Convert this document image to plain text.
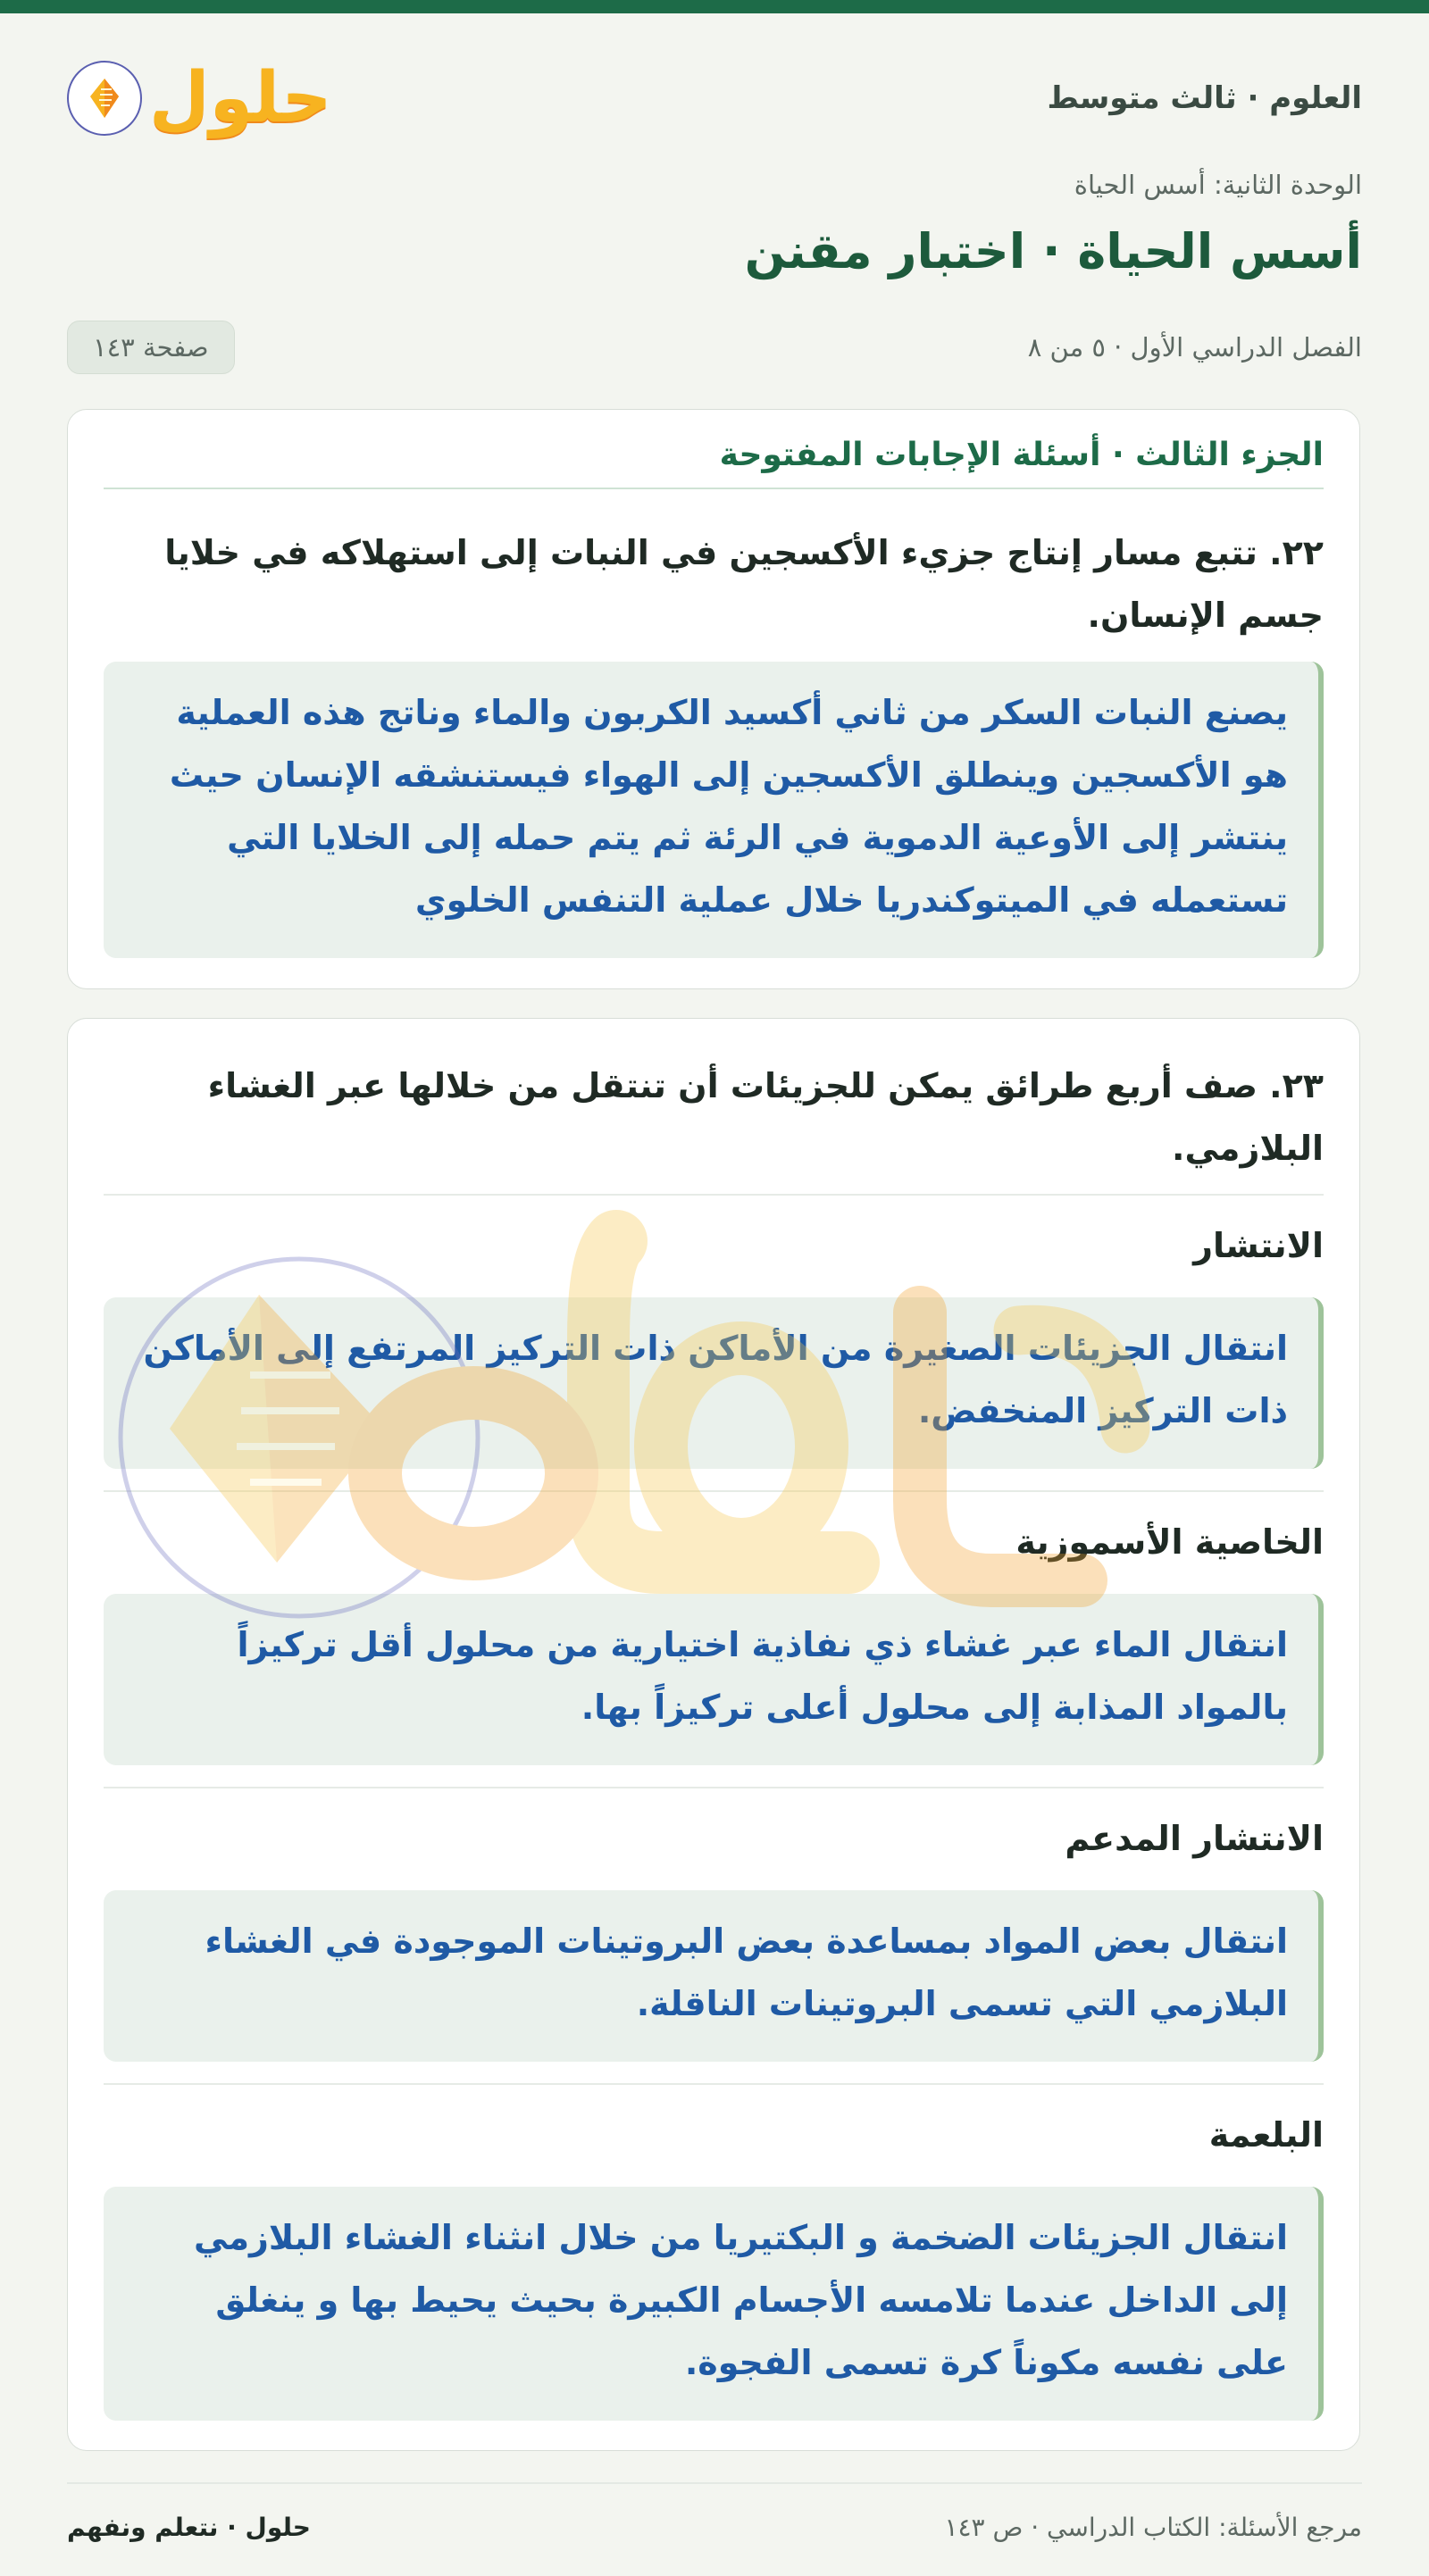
العلوم · ثالث متوسط
حلول
الوحدة الثانية: أسس الحياة
أسس الحياة · اختبار مقنن
الفصل الدراسي الأول · ٥ من ٨
صفحة ١٤٣
الجزء الثالث · أسئلة الإجابات المفتوحة
٢٢. تتبع مسار إنتاج جزيء الأكسجين في النبات إلى استهلاكه في خلايا جسم الإنسان.
يصنع النبات السكر من ثاني أكسيد الكربون والماء وناتج هذه العملية هو الأكسجين وينطلق الأكسجين إلى الهواء فيستنشقه الإنسان حيث ينتشر إلى الأوعية الدموية في الرئة ثم يتم حمله إلى الخلايا التي تستعمله في الميتوكندريا خلال عملية التنفس الخلوي
٢٣. صف أربع طرائق يمكن للجزيئات أن تنتقل من خلالها عبر الغشاء البلازمي.
الانتشار
انتقال الجزيئات الصغيرة من الأماكن ذات التركيز المرتفع إلى الأماكن ذات التركيز المنخفض.
الخاصية الأسموزية
انتقال الماء عبر غشاء ذي نفاذية اختيارية من محلول أقل تركيزاً بالمواد المذابة إلى محلول أعلى تركيزاً بها.
الانتشار المدعم
انتقال بعض المواد بمساعدة بعض البروتينات الموجودة في الغشاء البلازمي التي تسمى البروتينات الناقلة.
البلعمة
انتقال الجزيئات الضخمة و البكتيريا من خلال انثناء الغشاء البلازمي إلى الداخل عندما تلامسه الأجسام الكبيرة بحيث يحيط بها و ينغلق على نفسه مكوناً كرة تسمى الفجوة.
مرجع الأسئلة: الكتاب الدراسي · ص ١٤٣
حلول · نتعلم ونفهم
